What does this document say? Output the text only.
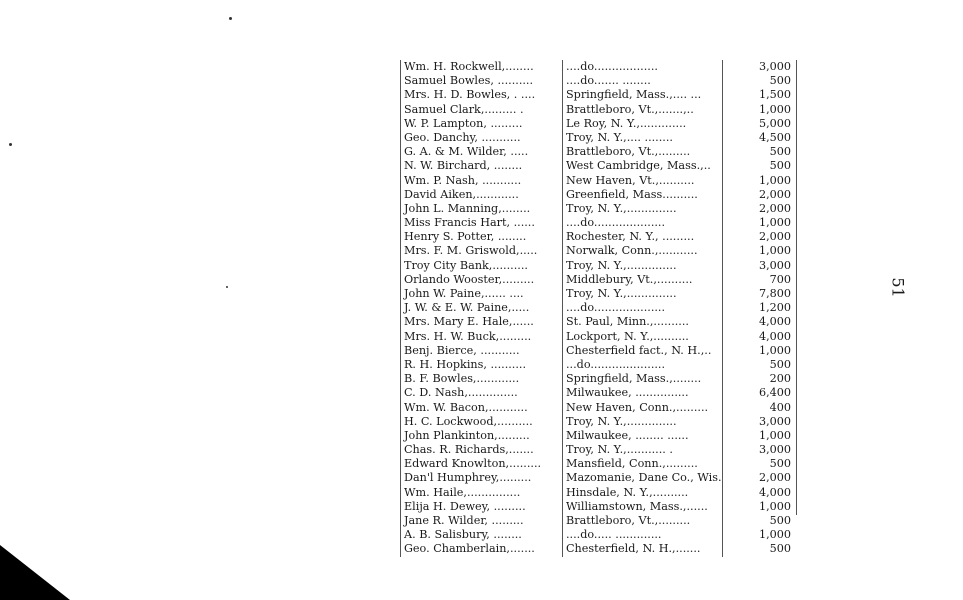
Wm. H. Rockwell,........	....do..................	3,000
Samuel Bowles, ..........	....do....... ........	500
Mrs. H. D. Bowles, . ....	Springfield, Mass.,.... ...	1,500
Samuel Clark,......... .	Brattleboro, Vt.,.......,..	1,000
W. P. Lampton, .........	Le Roy, N. Y.,.............	5,000
Geo. Danchy, ...........	Troy, N. Y.,.... ........	4,500
G. A. & M. Wilder, .....	Brattleboro, Vt.,.........	500
N. W. Birchard, ........	West Cambridge, Mass.,..	500
Wm. P. Nash, ...........	New Haven, Vt.,..........	1,000
David Aiken,............	Greenfield, Mass..........	2,000
John L. Manning,........	Troy, N. Y.,..............	2,000
Miss Francis Hart, ......	....do....................	1,000
Henry S. Potter, ........	Rochester, N. Y., .........	2,000
Mrs. F. M. Griswold,.....	Norwalk, Conn.,...........	1,000
Troy City Bank,..........	Troy, N. Y.,..............	3,000
Orlando Wooster,.........	Middlebury, Vt.,..........	700
John W. Paine,...... ....	Troy, N. Y.,..............	7,800
J. W. & E. W. Paine,.....	....do....................	1,200
Mrs. Mary E. Hale,......	St. Paul, Minn.,..........	4,000
Mrs. H. W. Buck,.........	Lockport, N. Y.,..........	4,000
Benj. Bierce, ...........	Chesterfield fact., N. H.,..	1,000
R. H. Hopkins, ..........	...do.....................	500
B. F. Bowles,............	Springfield, Mass.,........	200
C. D. Nash,..............	Milwaukee, ...............	6,400
Wm. W. Bacon,...........	New Haven, Conn.,.........	400
H. C. Lockwood,..........	Troy, N. Y.,..............	3,000
John Plankinton,.........	Milwaukee, ........ ......	1,000
Chas. R. Richards,.......	Troy, N. Y.,........... .	3,000
Edward Knowlton,.........	Mansfield, Conn.,.........	500
Dan'l Humphrey,.........	Mazomanie, Dane Co., Wis.	2,000
Wm. Haile,...............	Hinsdale, N. Y.,..........	4,000
Elija H. Dewey, .........	Williamstown, Mass.,......	1,000
Jane R. Wilder, .........	Brattleboro, Vt.,.........	500
A. B. Salisbury, ........	....do..... .............	1,000
Geo. Chamberlain,.......	Chesterfield, N. H.,.......	500
51
